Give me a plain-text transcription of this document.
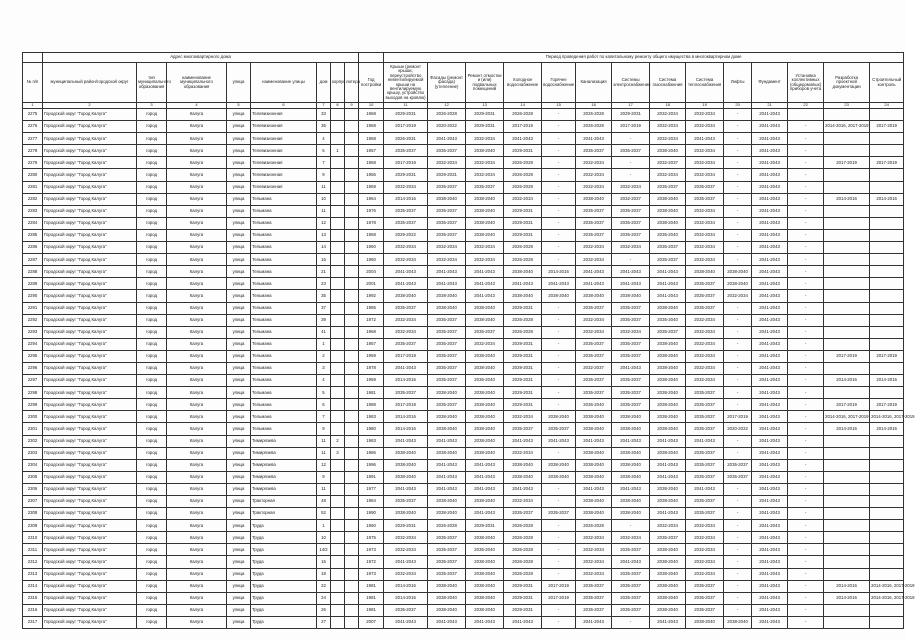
	Адрес многоквартирного дома									Период проведения работ по капитальному ремонту общего имущества в многоквартирном доме													
№ п/п	муниципальный район/городской округ	тип муниципального образования	наименование муниципального образования	улица	наименование улицы	дом	корпус	литера	Год постройки	Крыши (ремонт крыши, переустройство невентилируемой крыши на вентилируемую крышу, устройство выходов на кровлю)	Фасады (ремонт фасада) (утепление)	Ремонт отмостки и (или) подвальных помещений	Холодное водоснабжение	Горячее водоснабжение	Канализация	Системы электроснабжения	Система газоснабжения	Система теплоснабжения	Лифты	Фундамент	Установка коллективных (общедомовых) приборов учета	Разработка проектной документации	Строительный контроль
1	2	3	4	5	6	7	8	9	10	11	12	13	14	15	16	17	18	19	20	21	22	23	24
2275	Городской округ "Город Калуга"	город	Калуга	улица	Телевизионная	33			1968	2029-2031	2026-2028	2029-2031	2026-2028	-	2026-2028	2029-2031	2032-2034	2032-2034	-	2041-2043			
2276	Городской округ "Город Калуга"	город	Калуга	улица	Телевизионная	35			1968	2017-2019	2020-2022	2029-2031	2017-2019	-	2026-2028	2017-2019	2032-2034	2032-2034	-	2041-2043	-	2014-2016, 2017-2019	2017-2019
2277	Городской округ "Город Калуга"	город	Калуга	улица	Телевизионная	4			1958	2026-2031	2041-2043	2032-2034	2041-2043	-	2041-2043	-	2032-2034	2041-2043	-	2041-2043	-		
2278	Городской округ "Город Калуга"	город	Калуга	улица	Телевизионная	5	1		1957	2035-2037	2035-2037	2038-2040	2029-2031	-	2035-2037	2035-2037	2038-2040	2032-2034	-	2041-2043	-		
2279	Городской округ "Город Калуга"	город	Калуга	улица	Телевизионная	7			1958	2017-2019	2032-2034	2032-2034	2026-2028	-	2032-2034	-	2032-2037	2032-2034	-	2041-2043	-	2017-2019	2017-2019
2280	Городской округ "Город Калуга"	город	Калуга	улица	Телевизионная	9			1956	2029-2031	2029-2031	2032-2034	2026-2028	-	2032-2034	-	2032-2034	2032-2034	-	2041-2043	-		
2281	Городской округ "Город Калуга"	город	Калуга	улица	Телевизионная	11			1959	2032-2034	2035-2037	2035-2037	2026-2028	-	2032-2034	2032-2034	2035-2037	2035-2037	-	2041-2043	-		
2282	Городской округ "Город Калуга"	город	Калуга	улица	Тельмана	10			1964	2014-2016	2038-2040	2038-2040	2032-2034	-	2038-2040	2032-2037	2038-2040	2035-2037	-	2041-2043	-	2014-2016	2014-2016
2283	Городской округ "Город Калуга"	город	Калуга	улица	Тельмана	11			1976	2035-2037	2035-2037	2038-2040	2029-2031	-	2035-2037	2035-2037	2038-2040	2032-2034	-	2041-2043	-		
2284	Городской округ "Город Калуга"	город	Калуга	улица	Тельмана	12			1978	2035-2037	2035-2037	2038-2040	2029-2031	-	2035-2037	2035-2037	2038-2040	2032-2034	-	2041-2043	-		
2285	Городской округ "Город Калуга"	город	Калуга	улица	Тельмана	13			1958	2029-2022	2035-2037	2038-2040	2029-2031	-	2035-2037	2035-2037	2035-2040	2032-2034	-	2041-2043	-		
2286	Городской округ "Город Калуга"	город	Калуга	улица	Тельмана	14			1960	2032-2034	2032-2034	2032-2034	2026-2028	-	2032-2034	2032-2034	2035-2037	2032-2034	-	2041-2043	-		
2287	Городской округ "Город Калуга"	город	Калуга	улица	Тельмана	16			1960	2032-2034	2032-2034	2032-2034	2026-2028	-	2032-2034	-	2035-2037	2032-2034	-	2041-2043	-		
2288	Городской округ "Город Калуга"	город	Калуга	улица	Тельмана	21			2004	2041-2043	2041-2043	2041-2043	2038-2040	2014-2016	2041-2043	2041-2043	2041-2043	2038-2040	2038-2040	2041-2043	-		
2289	Городской округ "Город Калуга"	город	Калуга	улица	Тельмана	23			2001	2041-2043	2041-2043	2041-2043	2041-2043	2041-2043	2041-2043	2041-2043	2041-2043	2035-2037	2038-2040	2041-2043	-		
2290	Городской округ "Город Калуга"	город	Калуга	улица	Тельмана	35			1992	2038-2040	2038-2040	2041-2043	2038-2040	2038-2040	2038-2040	2038-2040	2041-2043	2035-2037	2032-2034	2041-2043	-		
2291	Городской округ "Город Калуга"	город	Калуга	улица	Тельмана	37			1985	2035-2037	2038-2040	2038-2040	2029-2031	-	2035-2037	2035-2037	2038-2040	2035-2037	-	2041-2043	-		
2292	Городской округ "Город Калуга"	город	Калуга	улица	Тельмана	39			1972	2032-2034	2035-2037	2038-2040	2026-2028	-	2032-2034	2035-2037	2035-2040	2032-2034	-	2041-2043	-		
2293	Городской округ "Город Калуга"	город	Калуга	улица	Тельмана	41			1968	2032-2034	2035-2037	2035-2037	2026-2028	-	2032-2034	2032-2034	2035-2037	2032-2034	-	2041-2043	-		
2294	Городской округ "Город Калуга"	город	Калуга	улица	Тельмана	1			1957	2035-2037	2035-2037	2032-2034	2029-2031	-	2035-2037	2035-2037	2038-2040	2032-2034	-	2041-2043	-		
2295	Городской округ "Город Калуга"	город	Калуга	улица	Тельмана	2			1959	2017-2019	2035-2037	2038-2040	2029-2031	-	2035-2037	2035-2037	2038-2040	2032-2034	-	2041-2043	-	2017-2019	2017-2019
2296	Городской округ "Город Калуга"	город	Калуга	улица	Тельмана	3			1978	2041-2043	2035-2037	2038-2040	2029-2031	-	2032-2037	2041-2043	2038-2040	2032-2034	-	2041-2043	-		
2297	Городской округ "Город Калуга"	город	Калуга	улица	Тельмана	4			1959	2014-2016	2035-2037	2036-2040	2029-2031	-	2035-2037	2035-2037	2038-2040	2032-2034	-	2041-2043	-	2014-2016	2014-2016
2298	Городской округ "Город Калуга"	город	Калуга	улица	Тельмана	5			1981	2035-2037	2038-2040	2038-2040	2029-2031	-	2035-2037	2035-2037	2038-2040	2035-2037	-	2041-2043	-		
2299	Городской округ "Город Калуга"	город	Калуга	улица	Тельмана	6			1988	2017-2019	2035-2037	2038-2040	2029-2031	-	2036-2040	2035-2037	2038-2040	2035-2037	-	2041-2043	-	2017-2019	2017-2019
2300	Городской округ "Город Калуга"	город	Калуга	улица	Тельмана	7			1983	2014-2016	2038-2040	2038-2040	2032-2034	2038-2040	2038-2040	2038-2040	2038-2040	2035-2037	2017-2019	2041-2043	-	2014-2016, 2017-2019	2014-2016, 2017-2019
2301	Городской округ "Город Калуга"	город	Калуга	улица	Тельмана	9			1980	2014-2016	2038-2040	2038-2040	2035-2037	2035-2037	2038-2040	2038-2040	2038-2040	2035-2037	2020-2022	2041-2043	-	2014-2016	2014-2016
2302	Городской округ "Город Калуга"	город	Калуга	улица	Тимирязева	11	2		1983	2041-2043	2041-2043	2038-2040	2041-2043	2041-2043	2041-2043	2041-2043	2041-2043	2041-2043	-	2041-2043	-		
2303	Городской округ "Город Калуга"	город	Калуга	улица	Тимирязева	11	3		1986	2038-2040	2038-2040	2038-2040	2032-2034	-	2038-2040	2038-2040	2038-2040	2035-2037	-	2041-2043	-		
2304	Городской округ "Город Калуга"	город	Калуга	улица	Тимирязева	12			1996	2038-2040	2041-2043	2041-2043	2038-2040	2038-2040	2038-2040	2038-2040	2041-2043	2035-2037	2035-2037	2041-2043	-		
2305	Городской округ "Город Калуга"	город	Калуга	улица	Тимирязева	9			1991	2038-2040	2041-2043	2041-2043	2038-2040	2038-2040	2038-2040	2038-2040	2041-2043	2035-2037	2035-2037	2041-2043	-		
2306	Городской округ "Город Калуга"	город	Калуга	улица	Тимирязева	11			1977	2041-2043	2041-2043	2041-2043	2041-2043	-	2041-2043	2041-2043	2038-2040	2041-2043	-	2041-2043	-		
2307	Городской округ "Город Калуга"	город	Калуга	улица	Тракторная	48			1984	2035-2037	2038-2040	2038-2040	2032-2034	-	2038-2040	2038-2040	2038-2040	2035-2037	-	2041-2043	-		
2308	Городской округ "Город Калуга"	город	Калуга	улица	Тракторная	52			1990	2038-2040	2038-2040	2041-2043	2035-2037	2035-2037	2038-2040	2038-2040	2041-2043	2035-2037	-	2041-2043	-		
2309	Городской округ "Город Калуга"	город	Калуга	улица	Труда	1			1960	2029-2031	2026-2028	2029-2031	2026-2028	-	2026-2028	-	2032-2034	2032-2034	-	2041-2043	-		
2310	Городской округ "Город Калуга"	город	Калуга	улица	Труда	10			1975	2032-2034	2035-2037	2038-2040	2026-2028	-	2032-2034	2032-2034	2035-2037	2032-2034	-	2041-2043	-		
2311	Городской округ "Город Калуга"	город	Калуга	улица	Труда	14/2			1973	2032-2034	2035-2037	2035-2040	2026-2028	-	2032-2034	2035-2037	2038-2040	2032-2034	-	2041-2043	-		
2312	Городской округ "Город Калуга"	город	Калуга	улица	Труда	16			1972	2041-2043	2035-2037	2038-2040	2026-2028	-	2032-2034	2041-2043	2038-2040	2032-2034	-	2041-2043	-		
2313	Городской округ "Город Калуга"	город	Калуга	улица	Труда	18			1973	2032-2034	2035-2037	2038-2040	2026-2028	-	2032-2034	2035-2037	2038-2040	2032-2034	-	2041-2043	-		
2314	Городской округ "Город Калуга"	город	Калуга	улица	Труда	22			1981	2014-2016	2038-2040	2038-2040	2029-2031	2017-2019	2035-2037	2035-2037	2038-2040	2035-2037	-	2041-2043	-	2014-2016	2014-2016, 2017-2019
2315	Городской округ "Город Калуга"	город	Калуга	улица	Труда	24			1981	2014-2016	2038-2040	2038-2040	2029-2031	2017-2019	2035-2037	2035-2037	2038-2040	2035-2037	-	2041-2043	-	2014-2016	2014-2016, 2017-2019
2316	Городской округ "Город Калуга"	город	Калуга	улица	Труда	26			1981	2035-2037	2038-2040	2038-2040	2029-2031	-	2035-2037	2035-2037	2038-2040	2035-2037	-	2041-2043	-		
2317	Городской округ "Город Калуга"	город	Калуга	улица	Труда	27			2007	2041-2043	2041-2043	2041-2043	2041-2043	-	2041-2043	-	2041-2043	2038-2040	2038-2040	2041-2043	-		
